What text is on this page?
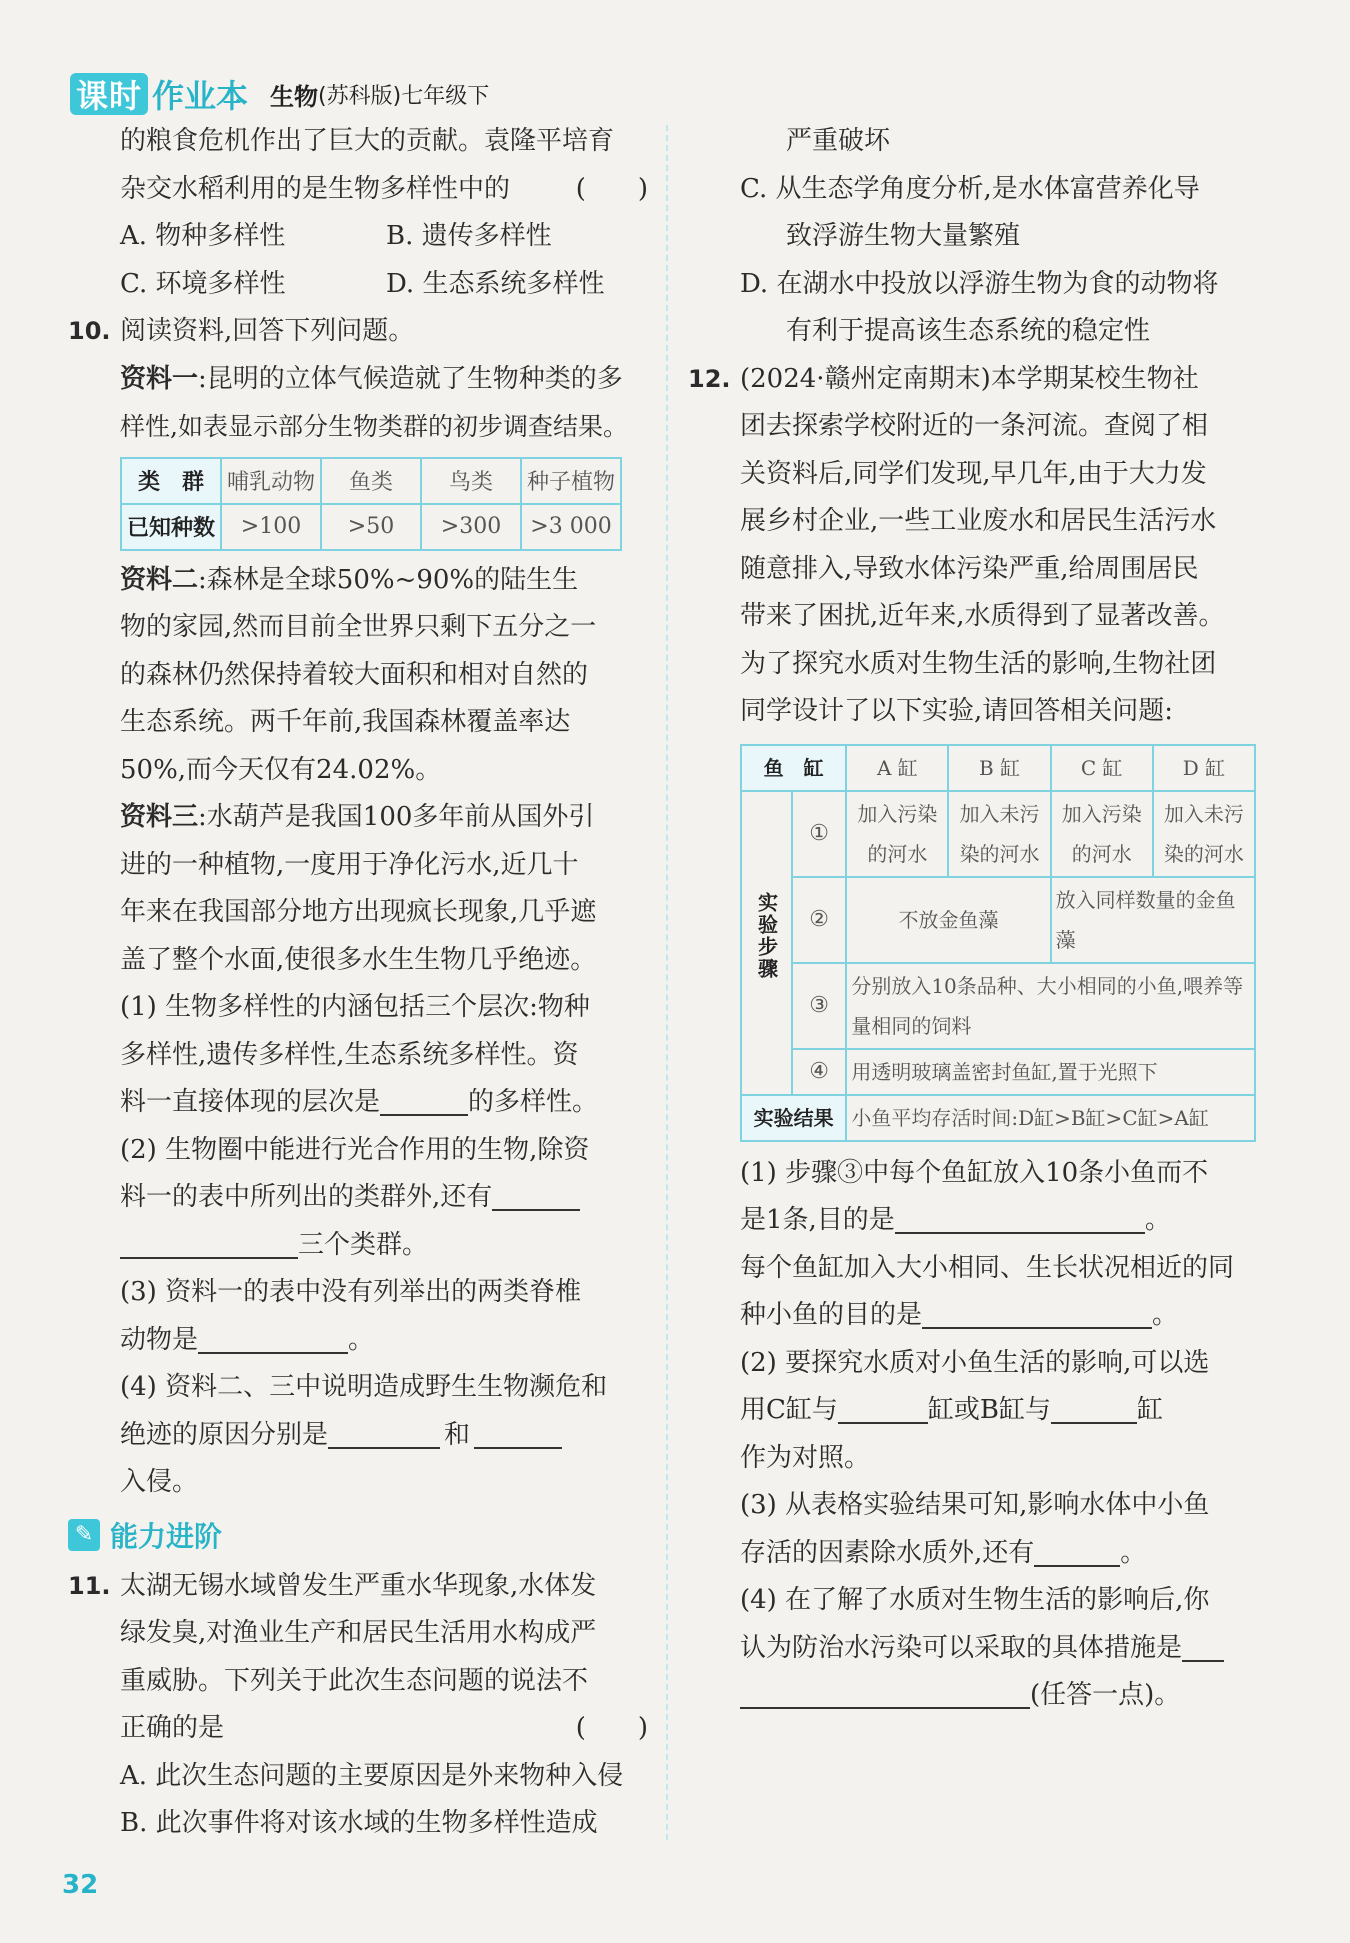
课时 作业本 生物 (苏科版)七年级下
的粮食危机作出了巨大的贡献。袁隆平培育
杂交水稻利用的是生物多样性中的	(　　)
A. 物种多样性	B. 遗传多样性
C. 环境多样性	D. 生态系统多样性
10. 阅读资料,回答下列问题。
资料一:昆明的立体气候造就了生物种类的多
样性,如表显示部分生物类群的初步调查结果。
类　群	哺乳动物	鱼类	鸟类	种子植物
已知种数	>100	>50	>300	>3 000
资料二:森林是全球50%~90%的陆生生
物的家园,然而目前全世界只剩下五分之一
的森林仍然保持着较大面积和相对自然的
生态系统。两千年前,我国森林覆盖率达
50%,而今天仅有24.02%。
资料三:水葫芦是我国100多年前从国外引
进的一种植物,一度用于净化污水,近几十
年来在我国部分地方出现疯长现象,几乎遮
盖了整个水面,使很多水生生物几乎绝迹。
(1) 生物多样性的内涵包括三个层次:物种
多样性,遗传多样性,生态系统多样性。资
料一直接体现的层次是	的多样性。
(2) 生物圈中能进行光合作用的生物,除资
料一的表中所列出的类群外,还有
三个类群。
(3) 资料一的表中没有列举出的两类脊椎
动物是	。
(4) 资料二、三中说明造成野生生物濒危和
绝迹的原因分别是	和
入侵。
✎ 能力进阶
11. 太湖无锡水域曾发生严重水华现象,水体发
绿发臭,对渔业生产和居民生活用水构成严
重威胁。下列关于此次生态问题的说法不
正确的是	(　　)
A. 此次生态问题的主要原因是外来物种入侵
B. 此次事件将对该水域的生物多样性造成
严重破坏
C. 从生态学角度分析,是水体富营养化导
致浮游生物大量繁殖
D. 在湖水中投放以浮游生物为食的动物将
有利于提高该生态系统的稳定性
12. (2024·赣州定南期末)本学期某校生物社
团去探索学校附近的一条河流。查阅了相
关资料后,同学们发现,早几年,由于大力发
展乡村企业,一些工业废水和居民生活污水
随意排入,导致水体污染严重,给周围居民
带来了困扰,近年来,水质得到了显著改善。
为了探究水质对生物生活的影响,生物社团
同学设计了以下实验,请回答相关问题:
鱼　缸		A 缸	B 缸	C 缸	D 缸
实验步骤	①	加入污染的河水	加入未污染的河水	加入污染的河水	加入未污染的河水
	②	不放金鱼藻		放入同样数量的金鱼藻	
	③	分别放入10条品种、大小相同的小鱼,喂养等量相同的饲料			
	④	用透明玻璃盖密封鱼缸,置于光照下			
实验结果		小鱼平均存活时间:D缸>B缸>C缸>A缸			
(1) 步骤③中每个鱼缸放入10条小鱼而不
是1条,目的是	。
每个鱼缸加入大小相同、生长状况相近的同
种小鱼的目的是	。
(2) 要探究水质对小鱼生活的影响,可以选
用C缸与	缸或B缸与	缸
作为对照。
(3) 从表格实验结果可知,影响水体中小鱼
存活的因素除水质外,还有	。
(4) 在了解了水质对生物生活的影响后,你
认为防治水污染可以采取的具体措施是
(任答一点)。
32
